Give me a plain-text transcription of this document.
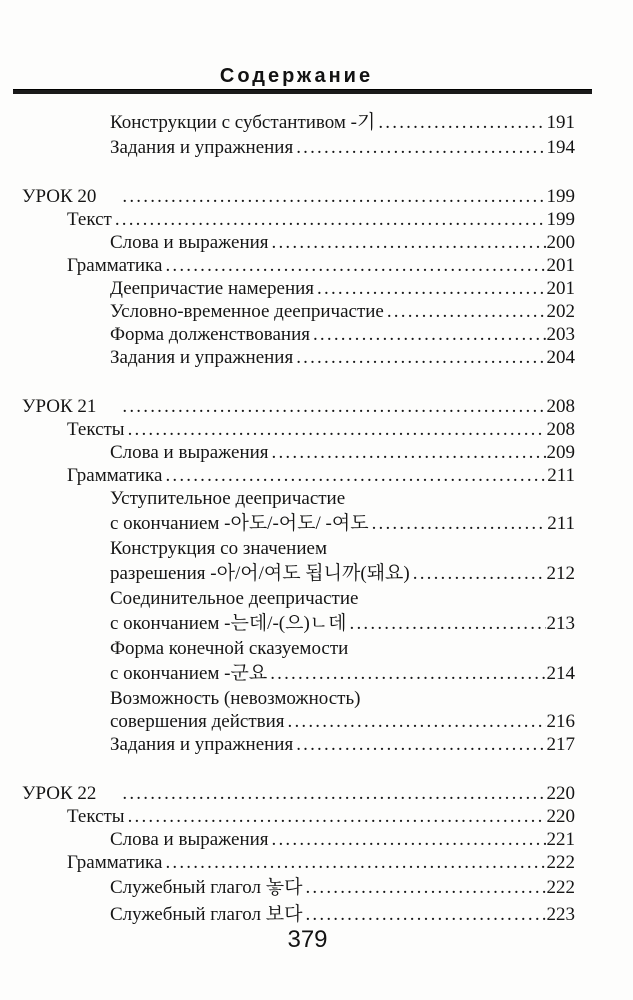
Содержание
Конструкции с субстантивом -기 .....	191
Задания и упражнения .....	194
УРОК 20 .....	199
Текст .....	199
Слова и выражения .....	200
Грамматика .....	201
Деепричастие намерения .....	201
Условно-временное деепричастие .....	202
Форма долженствования .....	203
Задания и упражнения .....	204
УРОК 21 .....	208
Тексты .....	208
Слова и выражения .....	209
Грамматика .....	211
Уступительное деепричастие
с окончанием -아도/-어도/ -여도 .....	211
Конструкция со значением
разрешения -아/어/여도 됩니까(돼요) .....	212
Соединительное деепричастие
с окончанием -는데/-(으)ㄴ데 .....	213
Форма конечной сказуемости
с окончанием -군요 .....	214
Возможность (невозможность)
совершения действия .....	216
Задания и упражнения .....	217
УРОК 22 .....	220
Тексты .....	220
Слова и выражения .....	221
Грамматика .....	222
Служебный глагол 놓다 .....	222
Служебный глагол 보다 .....	223
379
